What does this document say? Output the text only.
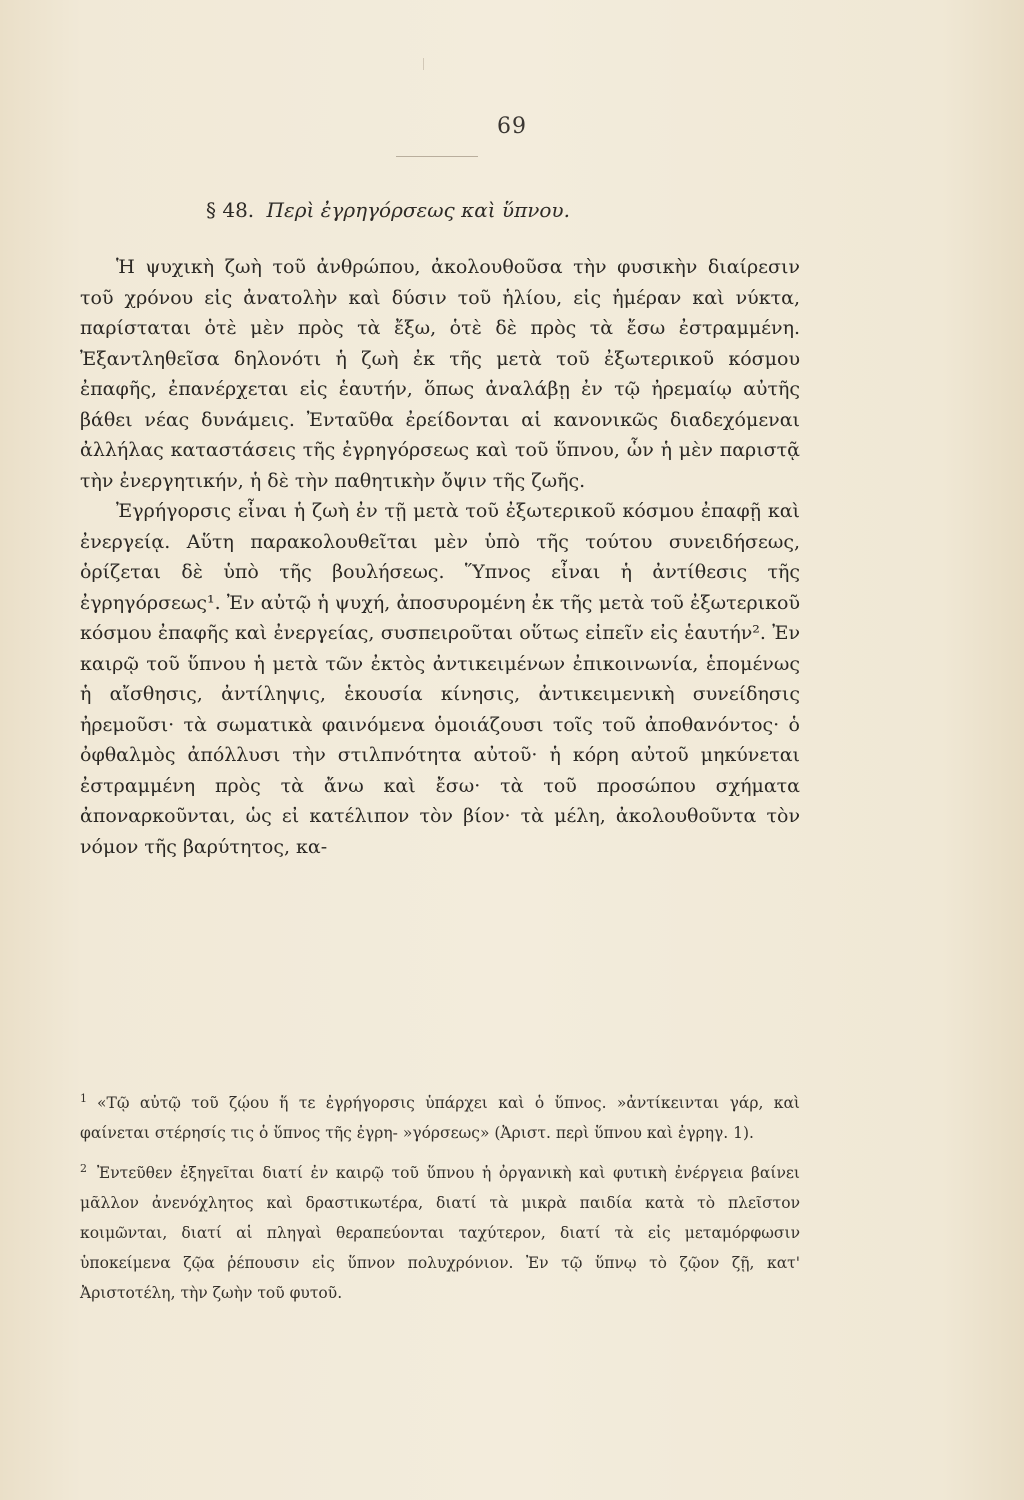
69
§ 48. Περὶ ἐγρηγόρσεως καὶ ὕπνου.

Ἡ ψυχικὴ ζωὴ τοῦ ἀνθρώπου, ἀκολουθοῦσα τὴν φυσικὴν διαίρεσιν τοῦ χρόνου εἰς ἀνατολὴν καὶ δύσιν τοῦ ἡλίου, εἰς ἡμέραν καὶ νύκτα, παρίσταται ὁτὲ μὲν πρὸς τὰ ἔξω, ὁτὲ δὲ πρὸς τὰ ἔσω ἐστραμμένη. Ἐξαντληθεῖσα δηλονότι ἡ ζωὴ ἐκ τῆς μετὰ τοῦ ἐξωτερικοῦ κόσμου ἐπαφῆς, ἐπανέρχεται εἰς ἑαυτήν, ὅπως ἀναλάβῃ ἐν τῷ ἠρεμαίῳ αὐτῆς βάθει νέας δυνάμεις. Ἐνταῦθα ἐρείδονται αἱ κανονικῶς διαδεχόμεναι ἀλλήλας καταστάσεις τῆς ἐγρηγόρσεως καὶ τοῦ ὕπνου, ὧν ἡ μὲν παριστᾷ τὴν ἐνεργητικήν, ἡ δὲ τὴν παθητικὴν ὄψιν τῆς ζωῆς.

Ἐγρήγορσις εἶναι ἡ ζωὴ ἐν τῇ μετὰ τοῦ ἐξωτερικοῦ κόσμου ἐπαφῇ καὶ ἐνεργείᾳ. Αὕτη παρακολουθεῖται μὲν ὑπὸ τῆς τούτου συνειδήσεως, ὁρίζεται δὲ ὑπὸ τῆς βουλήσεως. Ὕπνος εἶναι ἡ ἀντίθεσις τῆς ἐγρηγόρσεως¹. Ἐν αὐτῷ ἡ ψυχή, ἀποσυρομένη ἐκ τῆς μετὰ τοῦ ἐξωτερικοῦ κόσμου ἐπαφῆς καὶ ἐνεργείας, συσπειροῦται οὕτως εἰπεῖν εἰς ἑαυτήν². Ἐν καιρῷ τοῦ ὕπνου ἡ μετὰ τῶν ἐκτὸς ἀντικειμένων ἐπικοινωνία, ἑπομένως ἡ αἴσθησις, ἀντίληψις, ἑκουσία κίνησις, ἀντικειμενικὴ συνείδησις ἠρεμοῦσι· τὰ σωματικὰ φαινόμενα ὁμοιάζουσι τοῖς τοῦ ἀποθανόντος· ὁ ὀφθαλμὸς ἀπόλλυσι τὴν στιλπνότητα αὐτοῦ· ἡ κόρη αὐτοῦ μηκύνεται ἐστραμμένη πρὸς τὰ ἄνω καὶ ἔσω· τὰ τοῦ προσώπου σχήματα ἀποναρκοῦνται, ὡς εἰ κατέλιπον τὸν βίον· τὰ μέλη, ἀκολουθοῦντα τὸν νόμον τῆς βαρύτητος, κα-

$^1$ «Τῷ αὐτῷ τοῦ ζῴου ἥ τε ἐγρήγορσις ὑπάρχει καὶ ὁ ὕπνος. »ἀντίκεινται γάρ, καὶ φαίνεται στέρησίς τις ὁ ὕπνος τῆς ἐγρη- »γόρσεως» (Ἀριστ. περὶ ὕπνου καὶ ἐγρηγ. 1).

$^2$ Ἐντεῦθεν ἐξηγεῖται διατί ἐν καιρῷ τοῦ ὕπνου ἡ ὀργανικὴ καὶ φυτικὴ ἐνέργεια βαίνει μᾶλλον ἀνενόχλητος καὶ δραστικωτέρα, διατί τὰ μικρὰ παιδία κατὰ τὸ πλεῖστον κοιμῶνται, διατί αἱ πληγαὶ θεραπεύονται ταχύτερον, διατί τὰ εἰς μεταμόρφωσιν ὑποκείμενα ζῷα ῥέπουσιν εἰς ὕπνον πολυχρόνιον. Ἐν τῷ ὕπνῳ τὸ ζῷον ζῇ, κατ' Ἀριστοτέλη, τὴν ζωὴν τοῦ φυτοῦ.
